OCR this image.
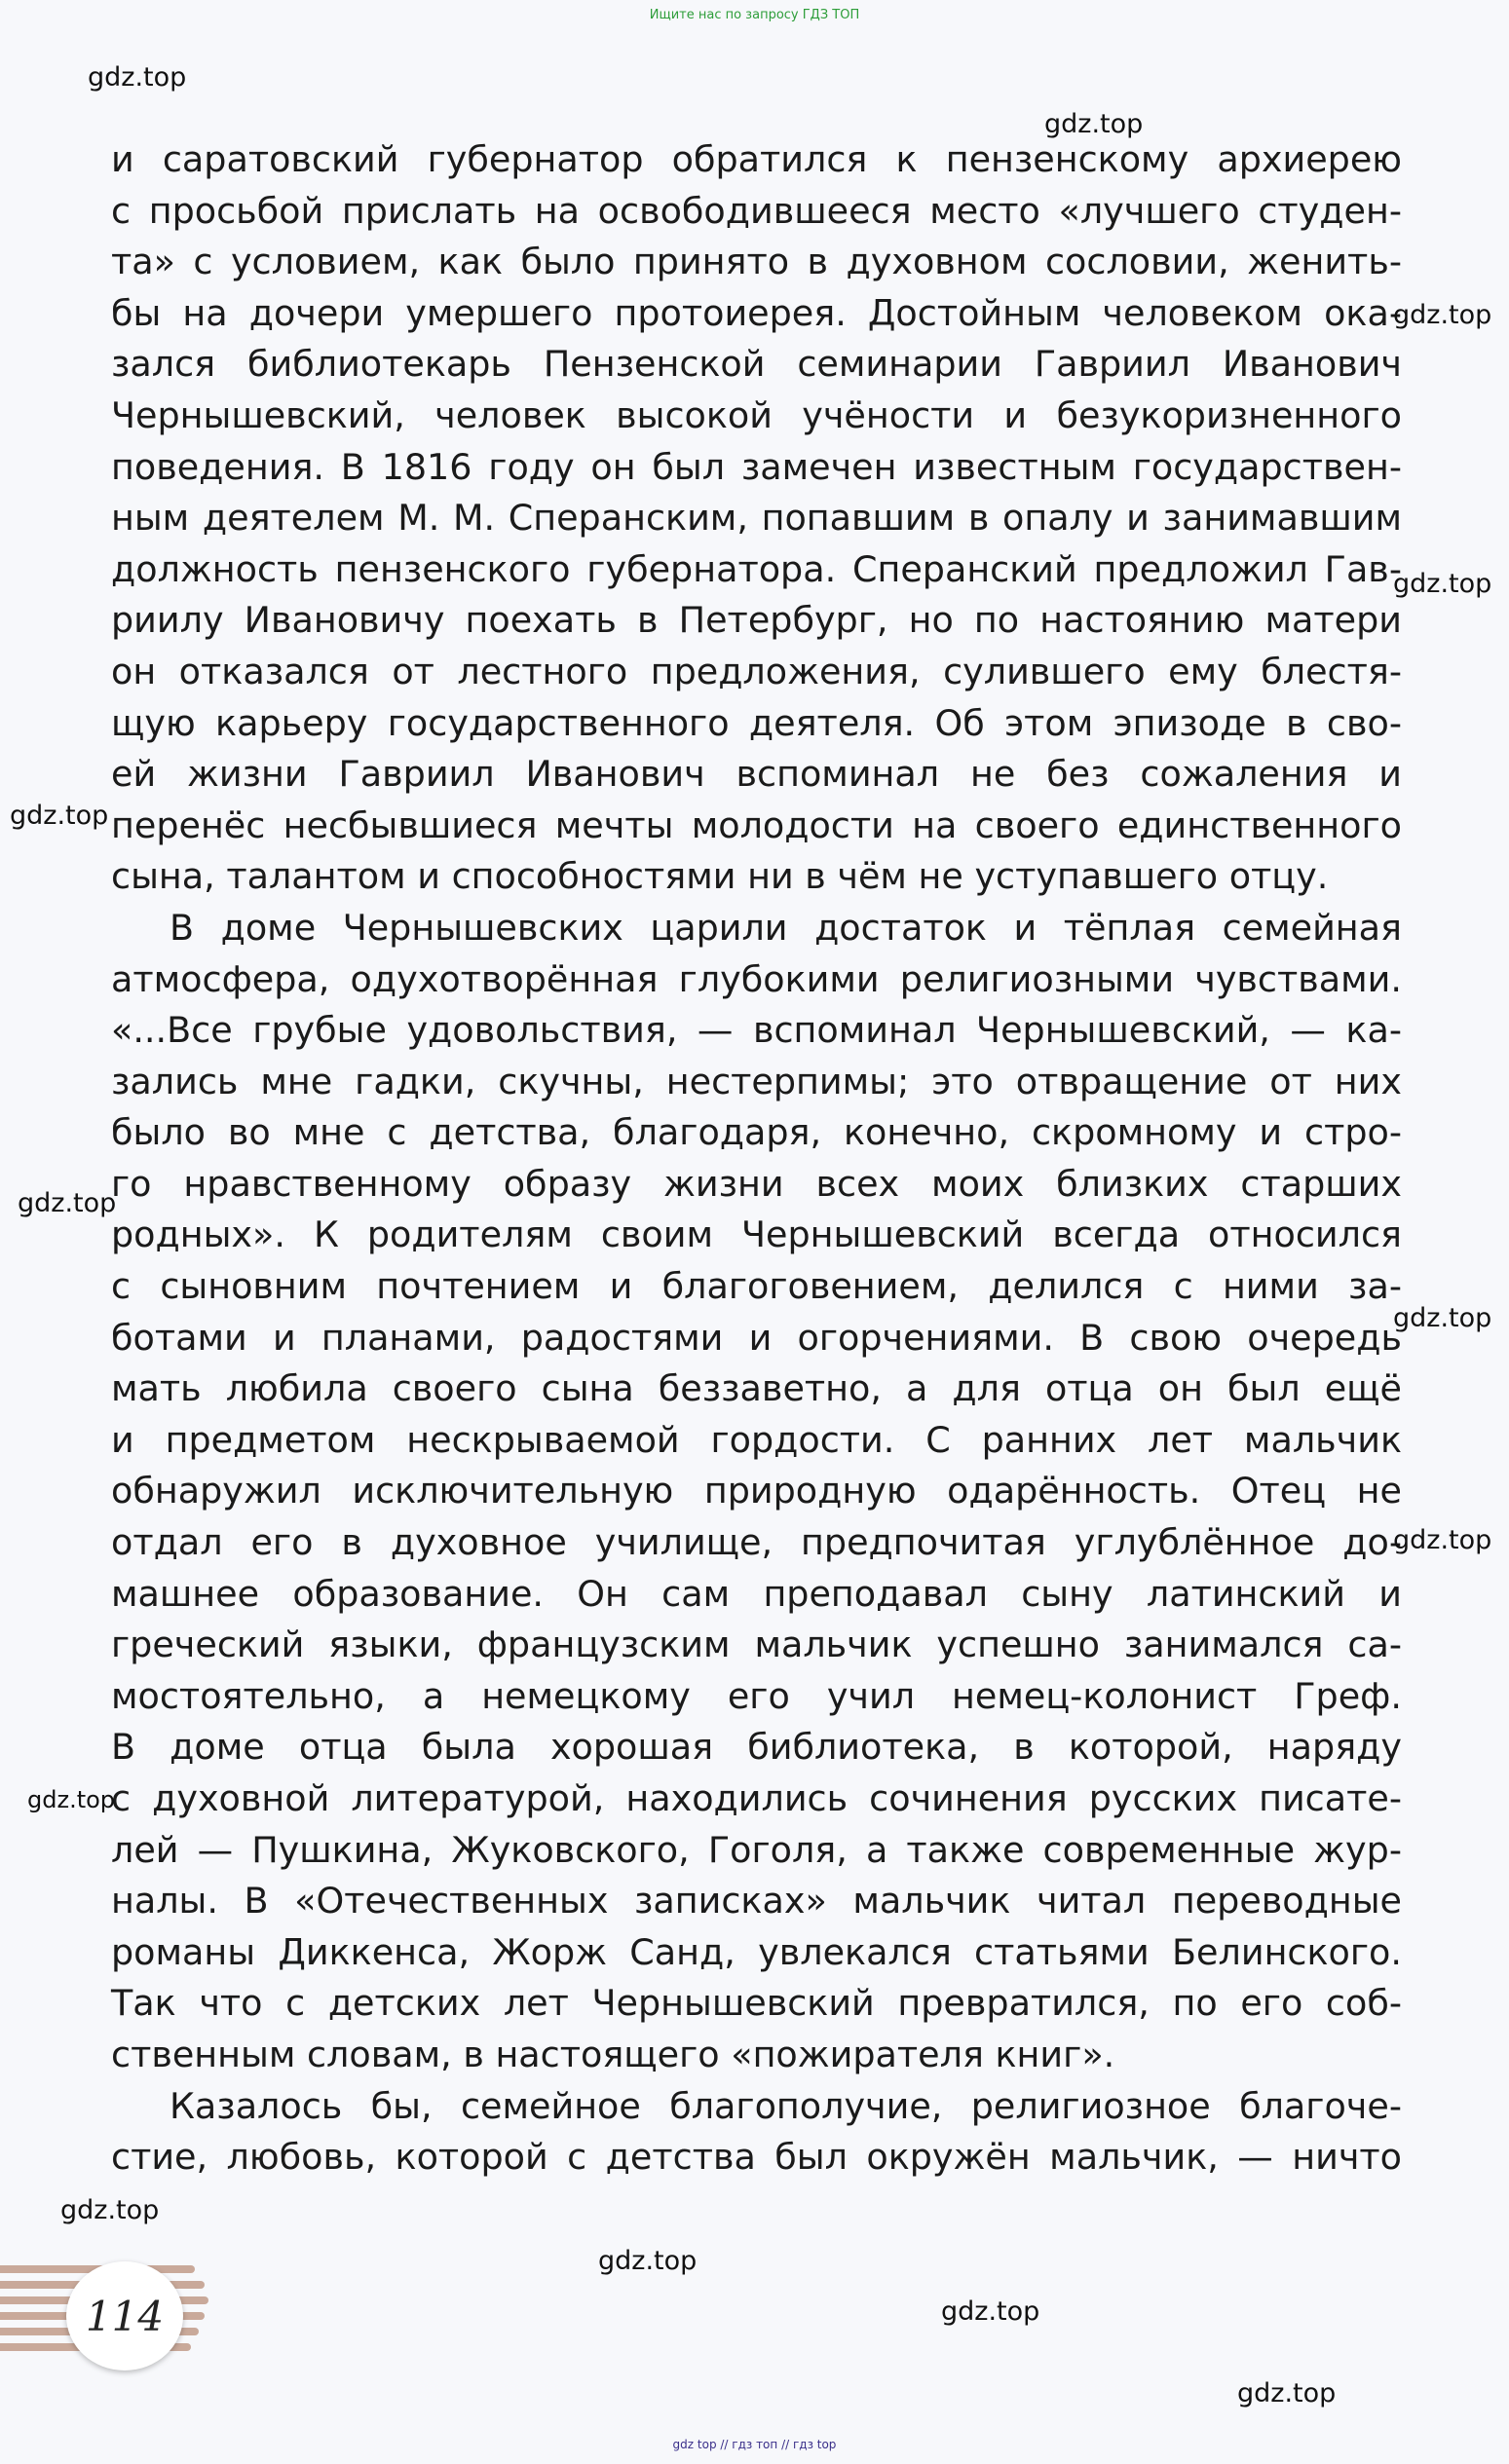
Ищите нас по запросу ГДЗ ТОП
и саратовский губернатор обратился к пензенскому архиерею
с просьбой прислать на освободившееся место «лучшего студен-
та» с условием, как было принято в духовном сословии, женить-
бы на дочери умершего протоиерея. Достойным человеком ока-
зался библиотекарь Пензенской семинарии Гавриил Иванович
Чернышевский, человек высокой учёности и безукоризненного
поведения. В 1816 году он был замечен известным государствен-
ным деятелем М. М. Сперанским, попавшим в опалу и занимавшим
должность пензенского губернатора. Сперанский предложил Гав-
риилу Ивановичу поехать в Петербург, но по настоянию матери
он отказался от лестного предложения, сулившего ему блестя-
щую карьеру государственного деятеля. Об этом эпизоде в сво-
ей жизни Гавриил Иванович вспоминал не без сожаления и
перенёс несбывшиеся мечты молодости на своего единственного
сына, талантом и способностями ни в чём не уступавшего отцу.
В доме Чернышевских царили достаток и тёплая семейная
атмосфера, одухотворённая глубокими религиозными чувствами.
«...Все грубые удовольствия, — вспоминал Чернышевский, — ка-
зались мне гадки, скучны, нестерпимы; это отвращение от них
было во мне с детства, благодаря, конечно, скромному и стро-
го нравственному образу жизни всех моих близких старших
родных». К родителям своим Чернышевский всегда относился
с сыновним почтением и благоговением, делился с ними за-
ботами и планами, радостями и огорчениями. В свою очередь
мать любила своего сына беззаветно, а для отца он был ещё
и предметом нескрываемой гордости. С ранних лет мальчик
обнаружил исключительную природную одарённость. Отец не
отдал его в духовное училище, предпочитая углублённое до-
машнее образование. Он сам преподавал сыну латинский и
греческий языки, французским мальчик успешно занимался са-
мостоятельно, а немецкому его учил немец-колонист Греф.
В доме отца была хорошая библиотека, в которой, наряду
с духовной литературой, находились сочинения русских писате-
лей — Пушкина, Жуковского, Гоголя, а также современные жур-
налы. В «Отечественных записках» мальчик читал переводные
романы Диккенса, Жорж Санд, увлекался статьями Белинского.
Так что с детских лет Чернышевский превратился, по его соб-
ственным словам, в настоящего «пожирателя книг».
Казалось бы, семейное благополучие, религиозное благоче-
стие, любовь, которой с детства был окружён мальчик, — ничто
gdz.top
gdz.top
gdz.top
gdz.top
gdz.top
gdz.top
gdz.top
gdz.top
gdz.top
gdz.top
gdz.top
gdz.top
gdz.top
114
gdz top // гдз топ // гдз top
